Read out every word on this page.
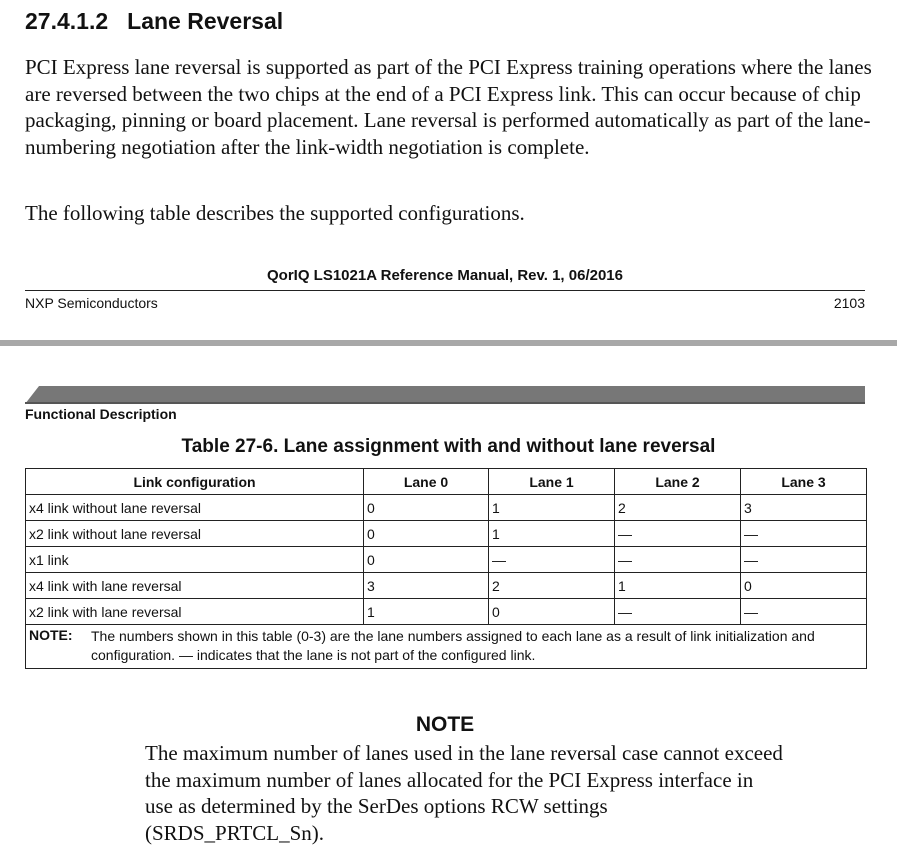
27.4.1.2 Lane Reversal

PCI Express lane reversal is supported as part of the PCI Express training operations where the lanes are reversed between the two chips at the end of a PCI Express link. This can occur because of chip packaging, pinning or board placement. Lane reversal is performed automatically as part of the lane-numbering negotiation after the link-width negotiation is complete.

The following table describes the supported configurations.

QorIQ LS1021A Reference Manual, Rev. 1, 06/2016
NXP Semiconductors	2103
Functional Description
Table 27-6. Lane assignment with and without lane reversal
Link configuration	Lane 0	Lane 1	Lane 2	Lane 3
x4 link without lane reversal	0	1	2	3
x2 link without lane reversal	0	1	—	—
x1 link	0	—	—	—
x4 link with lane reversal	3	2	1	0
x2 link with lane reversal	1	0	—	—

NOTE: The numbers shown in this table (0-3) are the lane numbers assigned to each lane as a result of link initialization and configuration. — indicates that the lane is not part of the configured link.				
NOTE

The maximum number of lanes used in the lane reversal case cannot exceed the maximum number of lanes allocated for the PCI Express interface in use as determined by the SerDes options RCW settings (SRDS_PRTCL_Sn).
